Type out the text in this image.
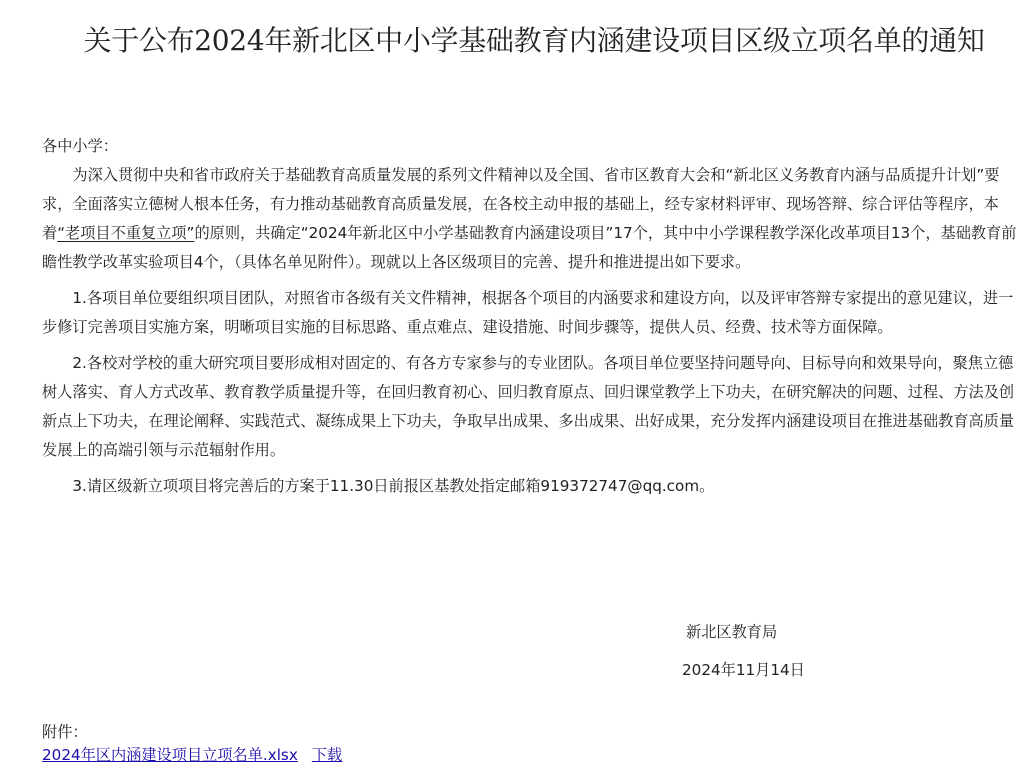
关于公布2024年新北区中小学基础教育内涵建设项目区级立项名单的通知

各中小学：

为深入贯彻中央和省市政府关于基础教育高质量发展的系列文件精神以及全国、省市区教育大会和“新北区义务教育内涵与品质提升计划”要求，全面落实立德树人根本任务，有力推动基础教育高质量发展，在各校主动申报的基础上，经专家材料评审、现场答辩、综合评估等程序，本着“老项目不重复立项”的原则，共确定“2024年新北区中小学基础教育内涵建设项目”17个，其中中小学课程教学深化改革项目13个，基础教育前瞻性教学改革实验项目4个，（具体名单见附件）。现就以上各区级项目的完善、提升和推进提出如下要求。

1.各项目单位要组织项目团队，对照省市各级有关文件精神，根据各个项目的内涵要求和建设方向，以及评审答辩专家提出的意见建议，进一步修订完善项目实施方案，明晰项目实施的目标思路、重点难点、建设措施、时间步骤等，提供人员、经费、技术等方面保障。

2.各校对学校的重大研究项目要形成相对固定的、有各方专家参与的专业团队。各项目单位要坚持问题导向、目标导向和效果导向，聚焦立德树人落实、育人方式改革、教育教学质量提升等，在回归教育初心、回归教育原点、回归课堂教学上下功夫，在研究解决的问题、过程、方法及创新点上下功夫，在理论阐释、实践范式、凝练成果上下功夫，争取早出成果、多出成果、出好成果，充分发挥内涵建设项目在推进基础教育高质量发展上的高端引领与示范辐射作用。

3.请区级新立项项目将完善后的方案于11.30日前报区基教处指定邮箱919372747@qq.com。

新北区教育局
2024年11月14日
附件：
2024年区内涵建设项目立项名单.xlsx 下载
